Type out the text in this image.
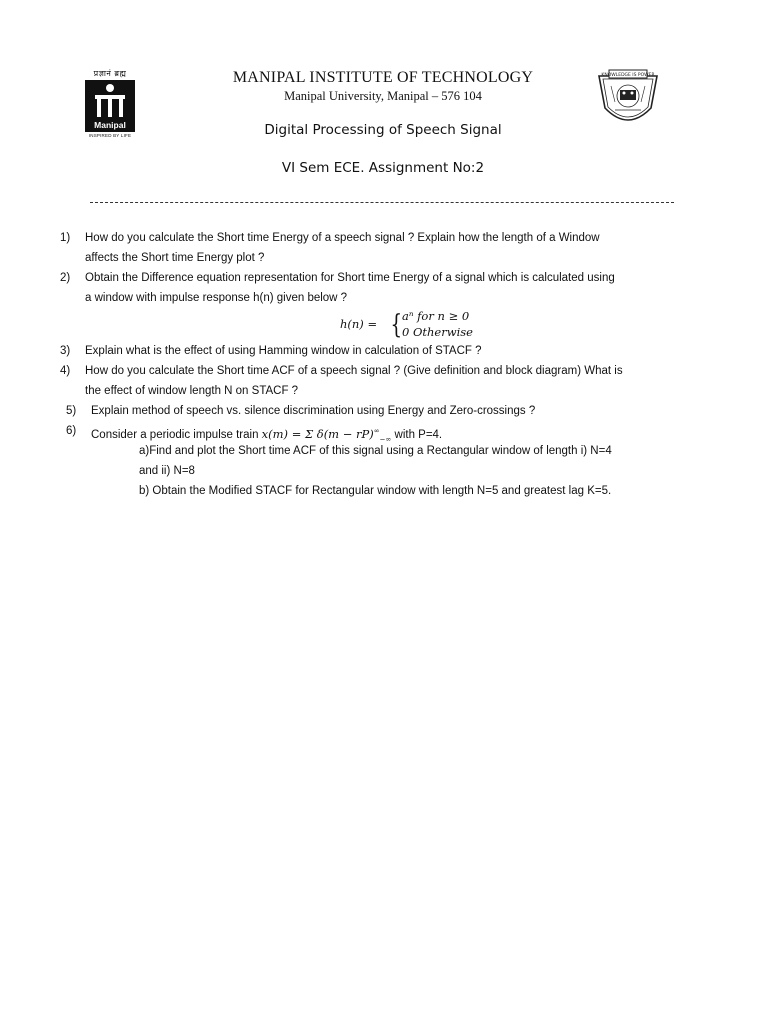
प्रज्ञानं ब्रह्म
Manipal
INSPIRED BY LIFE
KNOWLEDGE IS POWER
MANIPAL INSTITUTE OF TECHNOLOGY
Manipal University, Manipal – 576 104
Digital Processing of Speech Signal
VI Sem ECE. Assignment No:2
1) How do you calculate the Short time Energy of a speech signal ? Explain how the length of a Window
affects the Short time Energy plot ?
2) Obtain the Difference equation representation for Short time Energy of a signal which is calculated using
a window with impulse response h(n) given below ?
h(n) = { aⁿ for n ≥ 0
0 Otherwise
3) Explain what is the effect of using Hamming window in calculation of STACF ?
4) How do you calculate the Short time ACF of a speech signal ? (Give definition and block diagram) What is
the effect of window length N on STACF ?
5) Explain method of speech vs. silence discrimination using Energy and Zero-crossings ?
6) Consider a periodic impulse train x(m) = Σ $\delta(m - rP)^\infty_{-\infty}$ with P=4.
a)Find and plot the Short time ACF of this signal using a Rectangular window of length i) N=4
and ii) N=8
b) Obtain the Modified STACF for Rectangular window with length N=5 and greatest lag K=5.
